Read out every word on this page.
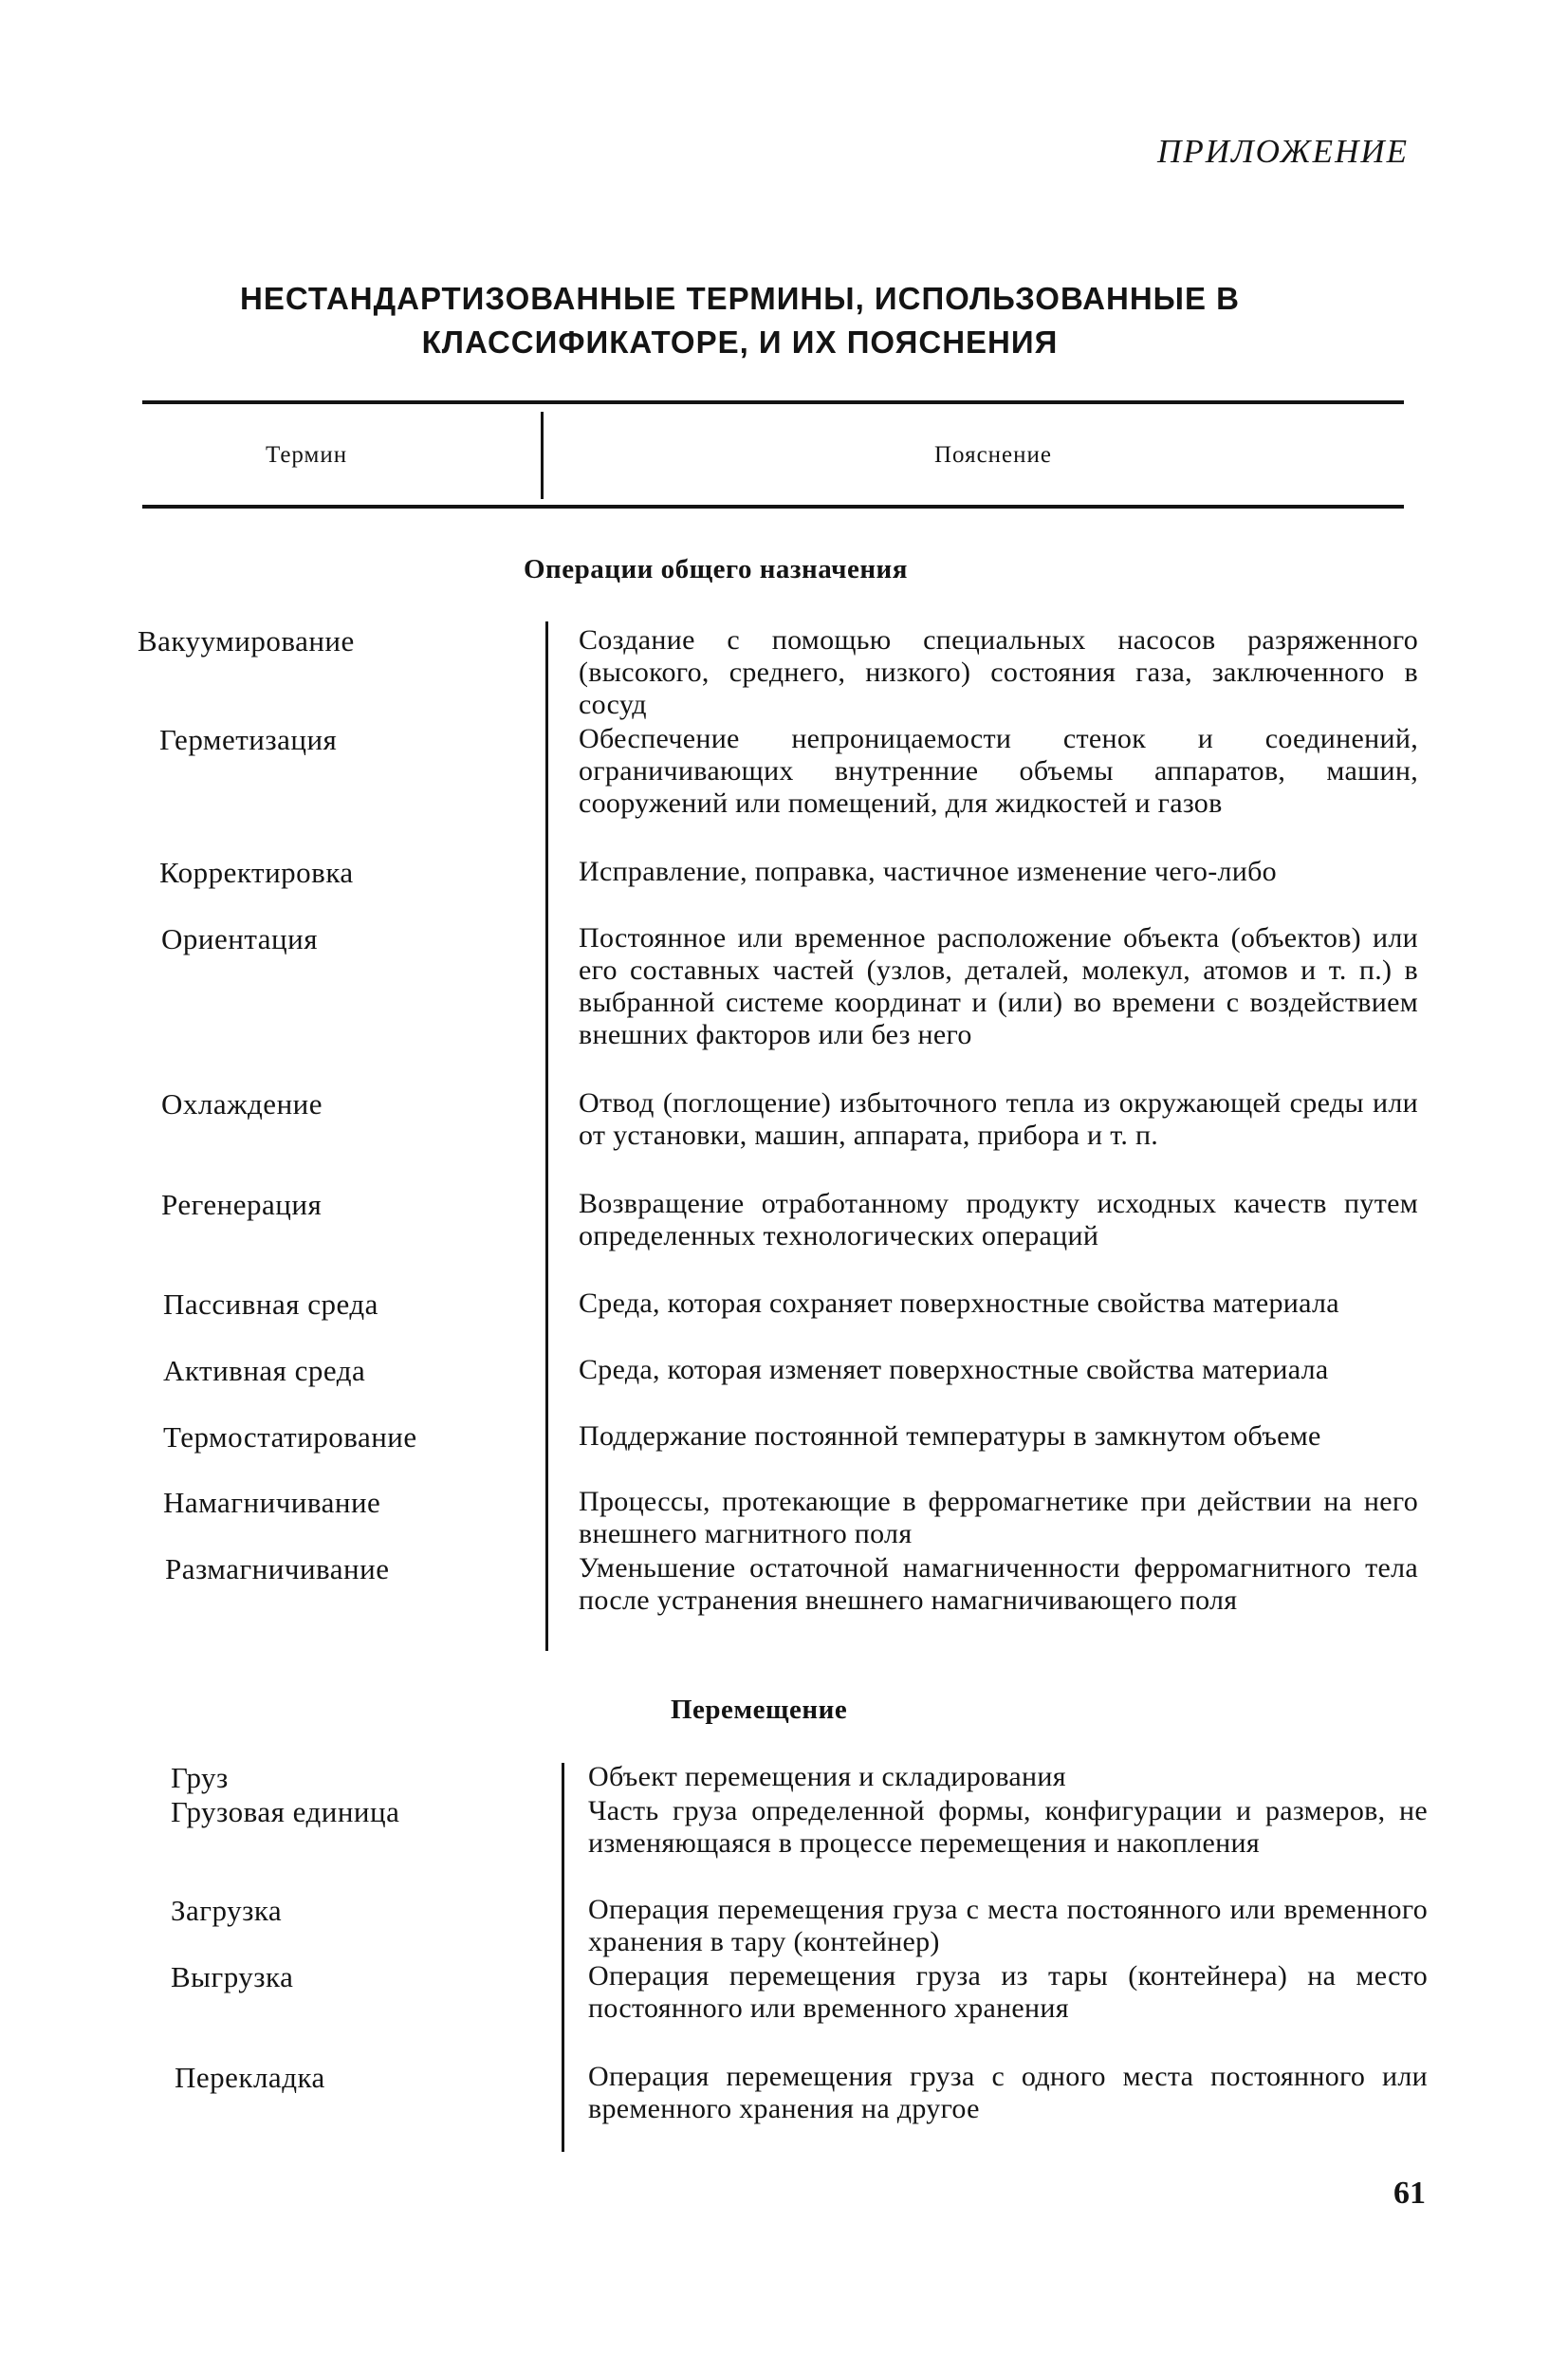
ПРИЛОЖЕНИЕ
НЕСТАНДАРТИЗОВАННЫЕ ТЕРМИНЫ, ИСПОЛЬЗОВАННЫЕ В КЛАССИФИКАТОРЕ, И ИХ ПОЯСНЕНИЯ
Термин	Пояснение
Операции общего назначения
Вакуумирование	Создание с помощью специальных насосов разряженного (высокого, среднего, низкого) состояния газа, заключенного в сосуд
Герметизация	Обеспечение непроницаемости стенок и соединений, ограничивающих внутренние объемы аппаратов, машин, сооружений или помещений, для жидкостей и газов
Корректировка	Исправление, поправка, частичное изменение чего-либо
Ориентация	Постоянное или временное расположение объекта (объектов) или его составных частей (узлов, деталей, молекул, атомов и т. п.) в выбранной системе координат и (или) во времени с воздействием внешних факторов или без него
Охлаждение	Отвод (поглощение) избыточного тепла из окружающей среды или от установки, машин, аппарата, прибора и т. п.
Регенерация	Возвращение отработанному продукту исходных качеств путем определенных технологических операций
Пассивная среда	Среда, которая сохраняет поверхностные свойства материала
Активная среда	Среда, которая изменяет поверхностные свойства материала
Термостатирование	Поддержание постоянной температуры в замкнутом объеме
Намагничивание	Процессы, протекающие в ферромагнетике при действии на него внешнего магнитного поля
Размагничивание	Уменьшение остаточной намагниченности ферромагнитного тела после устранения внешнего намагничивающего поля
Перемещение
Груз	Объект перемещения и складирования
Грузовая единица	Часть груза определенной формы, конфигурации и размеров, не изменяющаяся в процессе перемещения и накопления
Загрузка	Операция перемещения груза с места постоянного или временного хранения в тару (контейнер)
Выгрузка	Операция перемещения груза из тары (контейнера) на место постоянного или временного хранения
Перекладка	Операция перемещения груза с одного места постоянного или временного хранения на другое
61
